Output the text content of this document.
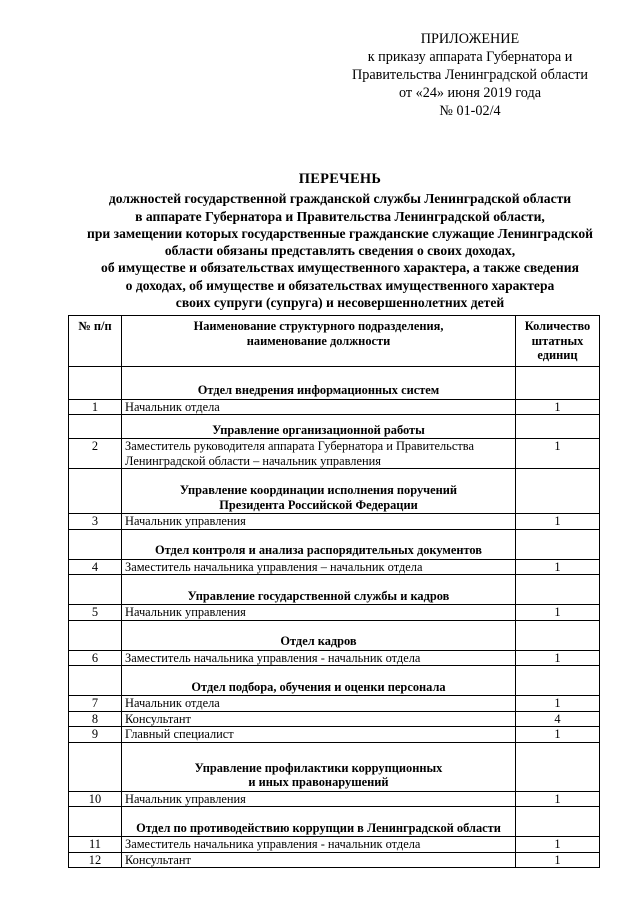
ПРИЛОЖЕНИЕ
к приказу аппарата Губернатора и
Правительства Ленинградской области
от «24» июня 2019 года
№ 01-02/4
ПЕРЕЧЕНЬ
должностей государственной гражданской службы Ленинградской области
в аппарате Губернатора и Правительства Ленинградской области,
при замещении которых государственные гражданские служащие Ленинградской
области обязаны представлять сведения о своих доходах,
об имуществе и обязательствах имущественного характера, а также сведения
о доходах, об имуществе и обязательствах имущественного характера
своих супруги (супруга) и несовершеннолетних детей
№ п/п	Наименование структурного подразделения,
наименование должности	Количество
штатных
единиц
	Отдел внедрения информационных систем	
1	Начальник отдела	1
	Управление организационной работы	
2	Заместитель руководителя аппарата Губернатора и Правительства
Ленинградской области – начальник управления	1
	Управление координации исполнения поручений
Президента Российской Федерации	
3	Начальник управления	1
	Отдел контроля и анализа распорядительных документов	
4	Заместитель начальника управления – начальник отдела	1
	Управление государственной службы и кадров	
5	Начальник управления	1
	Отдел кадров	
6	Заместитель начальника управления - начальник отдела	1
	Отдел подбора, обучения и оценки персонала	
7	Начальник отдела	1
8	Консультант	4
9	Главный специалист	1
	Управление профилактики коррупционных
и иных правонарушений	
10	Начальник управления	1
	Отдел по противодействию коррупции в Ленинградской области	
11	Заместитель начальника управления - начальник отдела	1
12	Консультант	1
